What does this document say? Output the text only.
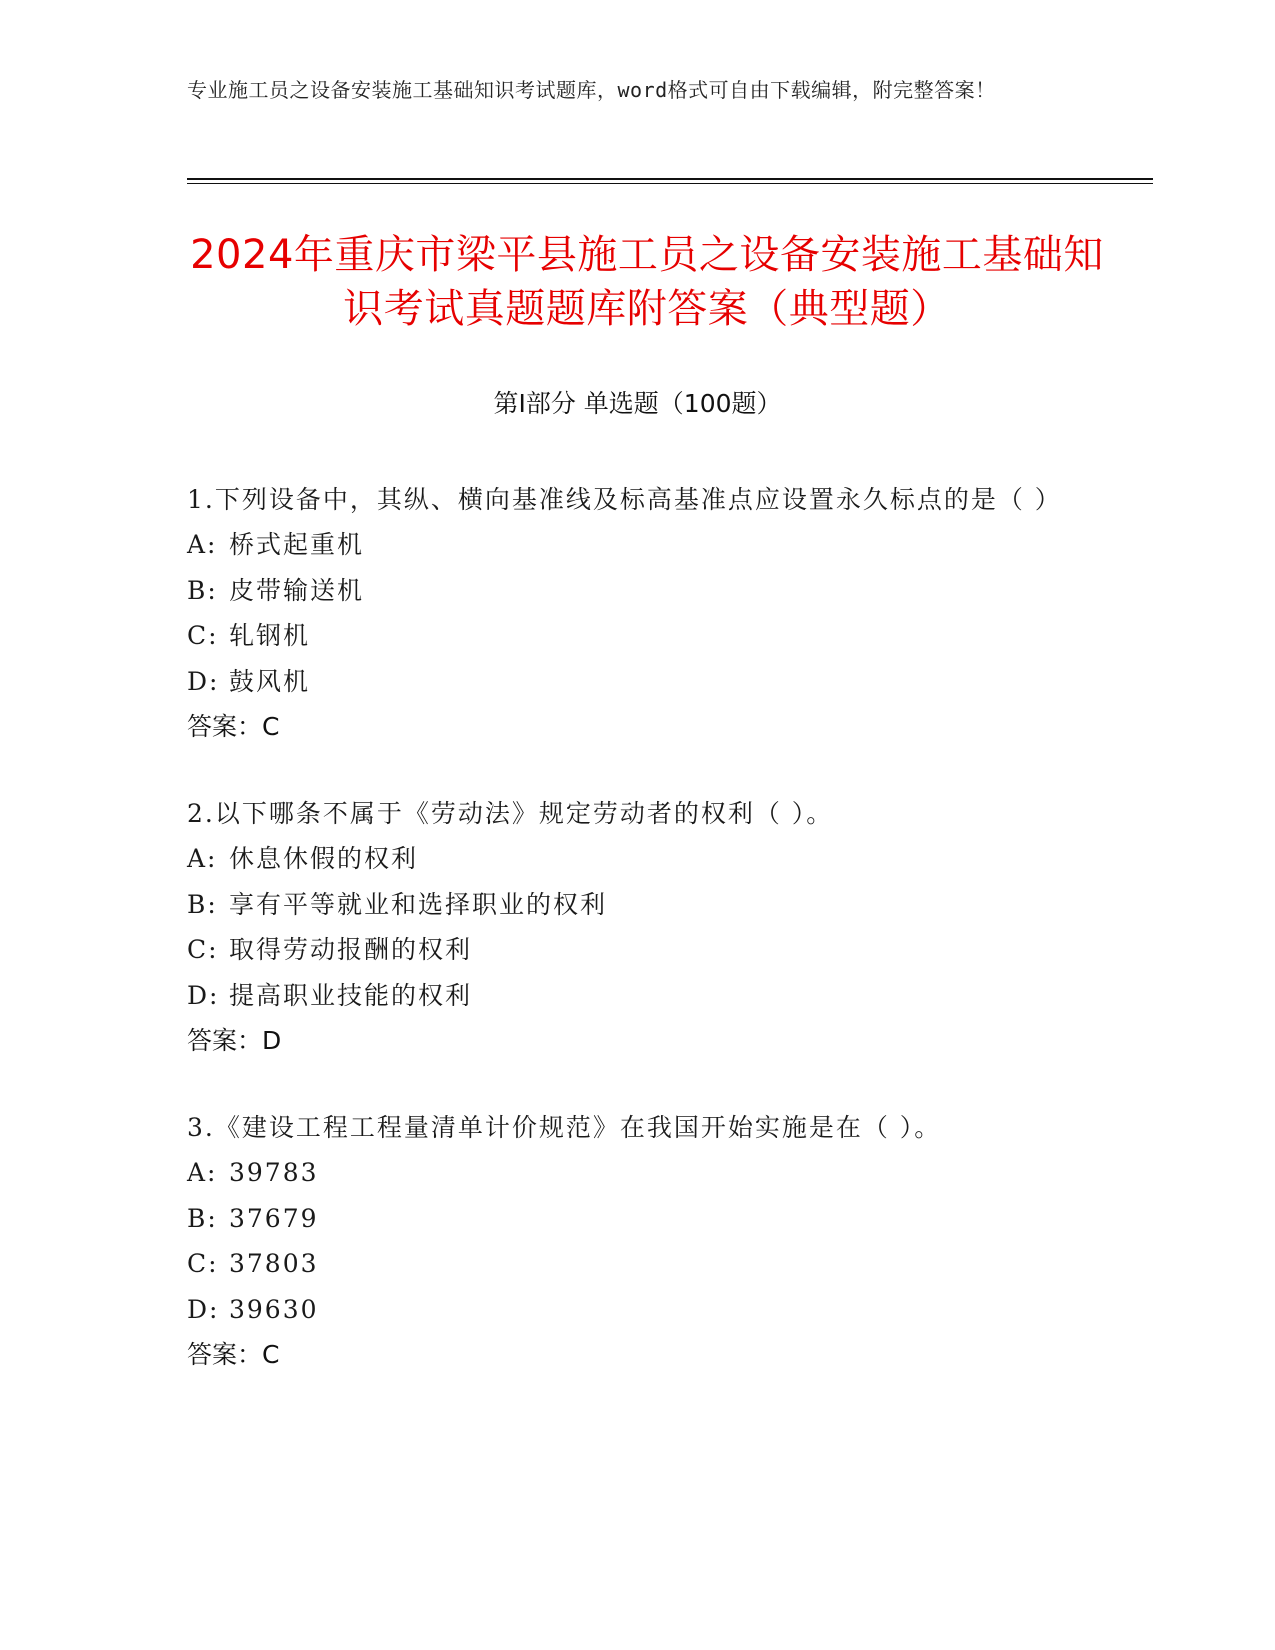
专业施工员之设备安装施工基础知识考试题库，word格式可自由下载编辑，附完整答案！
2024年重庆市梁平县施工员之设备安装施工基础知识考试真题题库附答案（典型题）
第Ⅰ部分 单选题（100题）
1.下列设备中，其纵、横向基准线及标高基准点应设置永久标点的是（ ）
A: 桥式起重机
B: 皮带输送机
C: 轧钢机
D: 鼓风机
答案：C
2.以下哪条不属于《劳动法》规定劳动者的权利（ ）。
A: 休息休假的权利
B: 享有平等就业和选择职业的权利
C: 取得劳动报酬的权利
D: 提高职业技能的权利
答案：D
3.《建设工程工程量清单计价规范》在我国开始实施是在（ ）。
A: 39783
B: 37679
C: 37803
D: 39630
答案：C
